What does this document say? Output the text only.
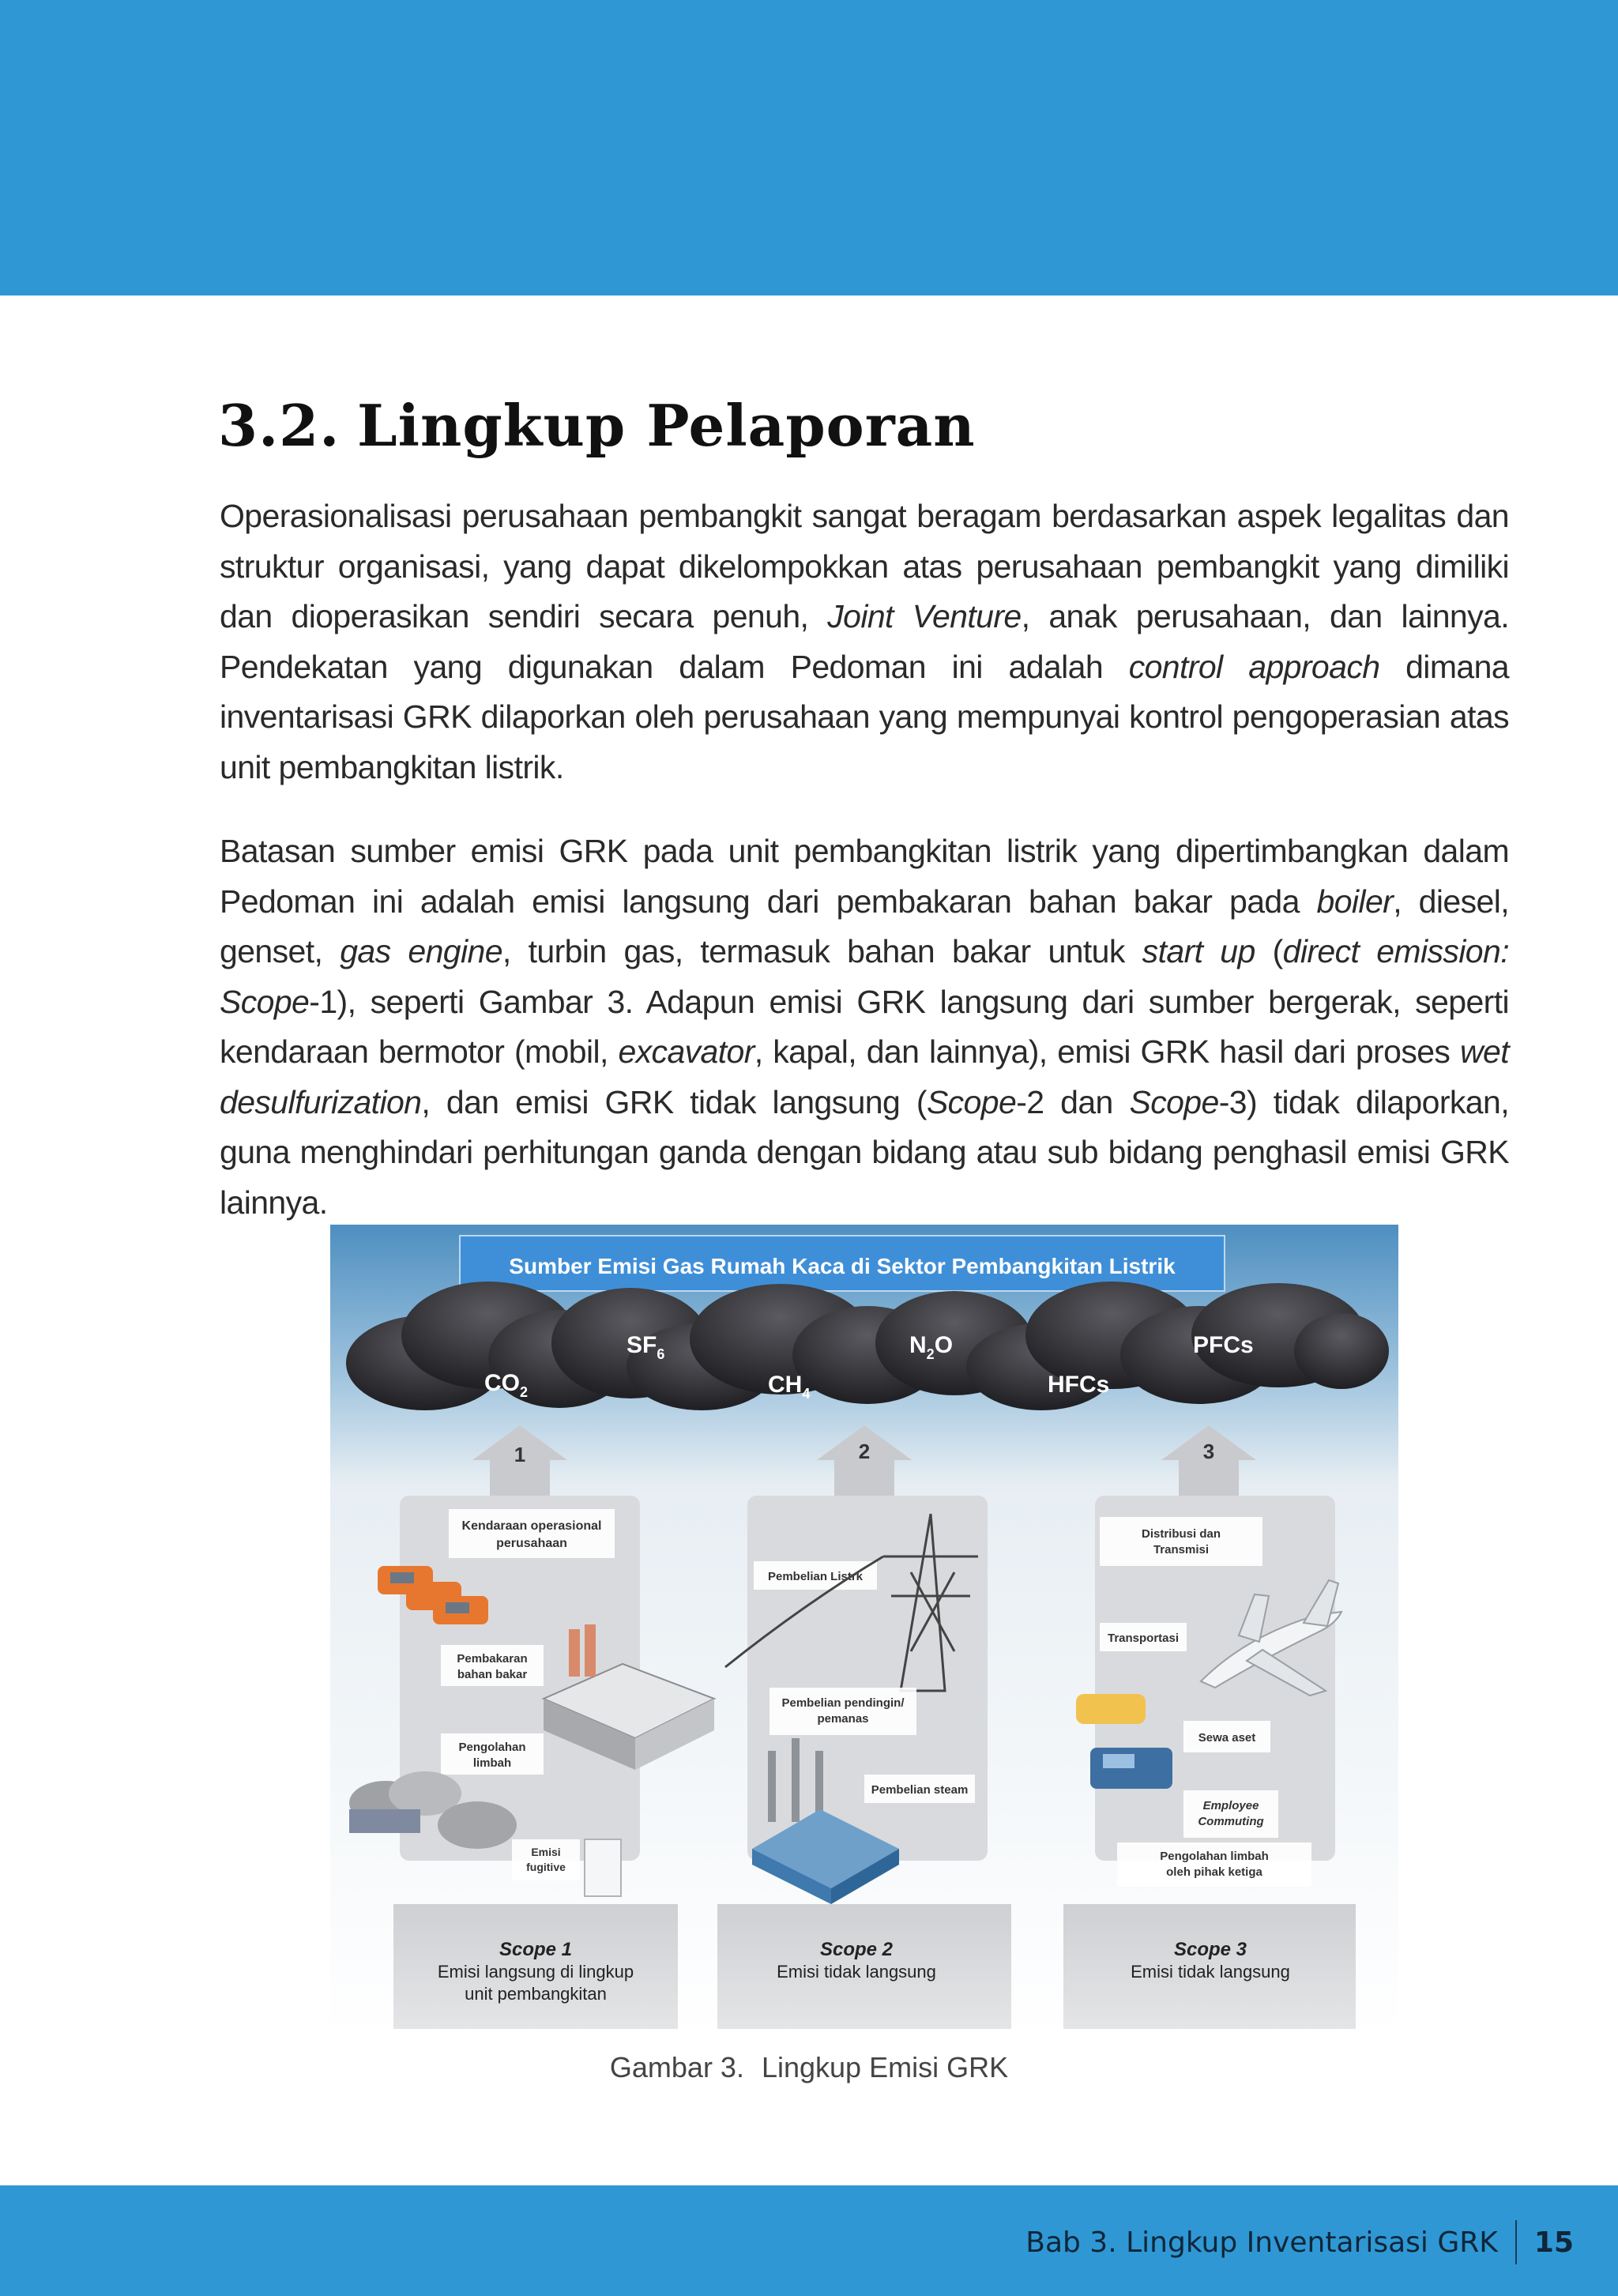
3.2. Lingkup Pelaporan

Operasionalisasi perusahaan pembangkit sangat beragam berdasarkan aspek legalitas dan struktur organisasi, yang dapat dikelompokkan atas perusahaan pembangkit yang dimiliki dan dioperasikan sendiri secara penuh, Joint Venture, anak perusahaan, dan lainnya. Pendekatan yang digunakan dalam Pedoman ini adalah control approach dimana inventarisasi GRK dilaporkan oleh perusahaan yang mempunyai kontrol pengoperasian atas unit pembangkitan listrik.

Batasan sumber emisi GRK pada unit pembangkitan listrik yang dipertimbangkan dalam Pedoman ini adalah emisi langsung dari pembakaran bahan bakar pada boiler, diesel, genset, gas engine, turbin gas, termasuk bahan bakar untuk start up (direct emission: Scope-1), seperti Gambar 3. Adapun emisi GRK langsung dari sumber bergerak, seperti kendaraan bermotor (mobil, excavator, kapal, dan lainnya), emisi GRK hasil dari proses wet desulfurization, dan emisi GRK tidak langsung (Scope-2 dan Scope-3) tidak dilaporkan, guna menghindari perhitungan ganda dengan bidang atau sub bidang penghasil emisi GRK lainnya.

Sumber Emisi Gas Rumah Kaca di Sektor Pembangkitan Listrik
$CO_2$
$SF_6$
$CH_4$
$N_2O$
HFCs
PFCs
1	2	3
Kendaraan operasional
perusahaan
Pembakaran
bahan bakar
Pengolahan
limbah
Emisi
fugitive
Pembelian Listrk
Pembelian pendingin/
pemanas
Pembelian steam
Distribusi dan
Transmisi
Transportasi
Sewa aset
Employee
Commuting
Pengolahan limbah
oleh pihak ketiga
Scope 1
Emisi langsung di lingkup
unit pembangkitan
Scope 2
Emisi tidak langsung
Scope 3
Emisi tidak langsung
Gambar 3. Lingkup Emisi GRK
Bab 3. Lingkup Inventarisasi GRK 15
